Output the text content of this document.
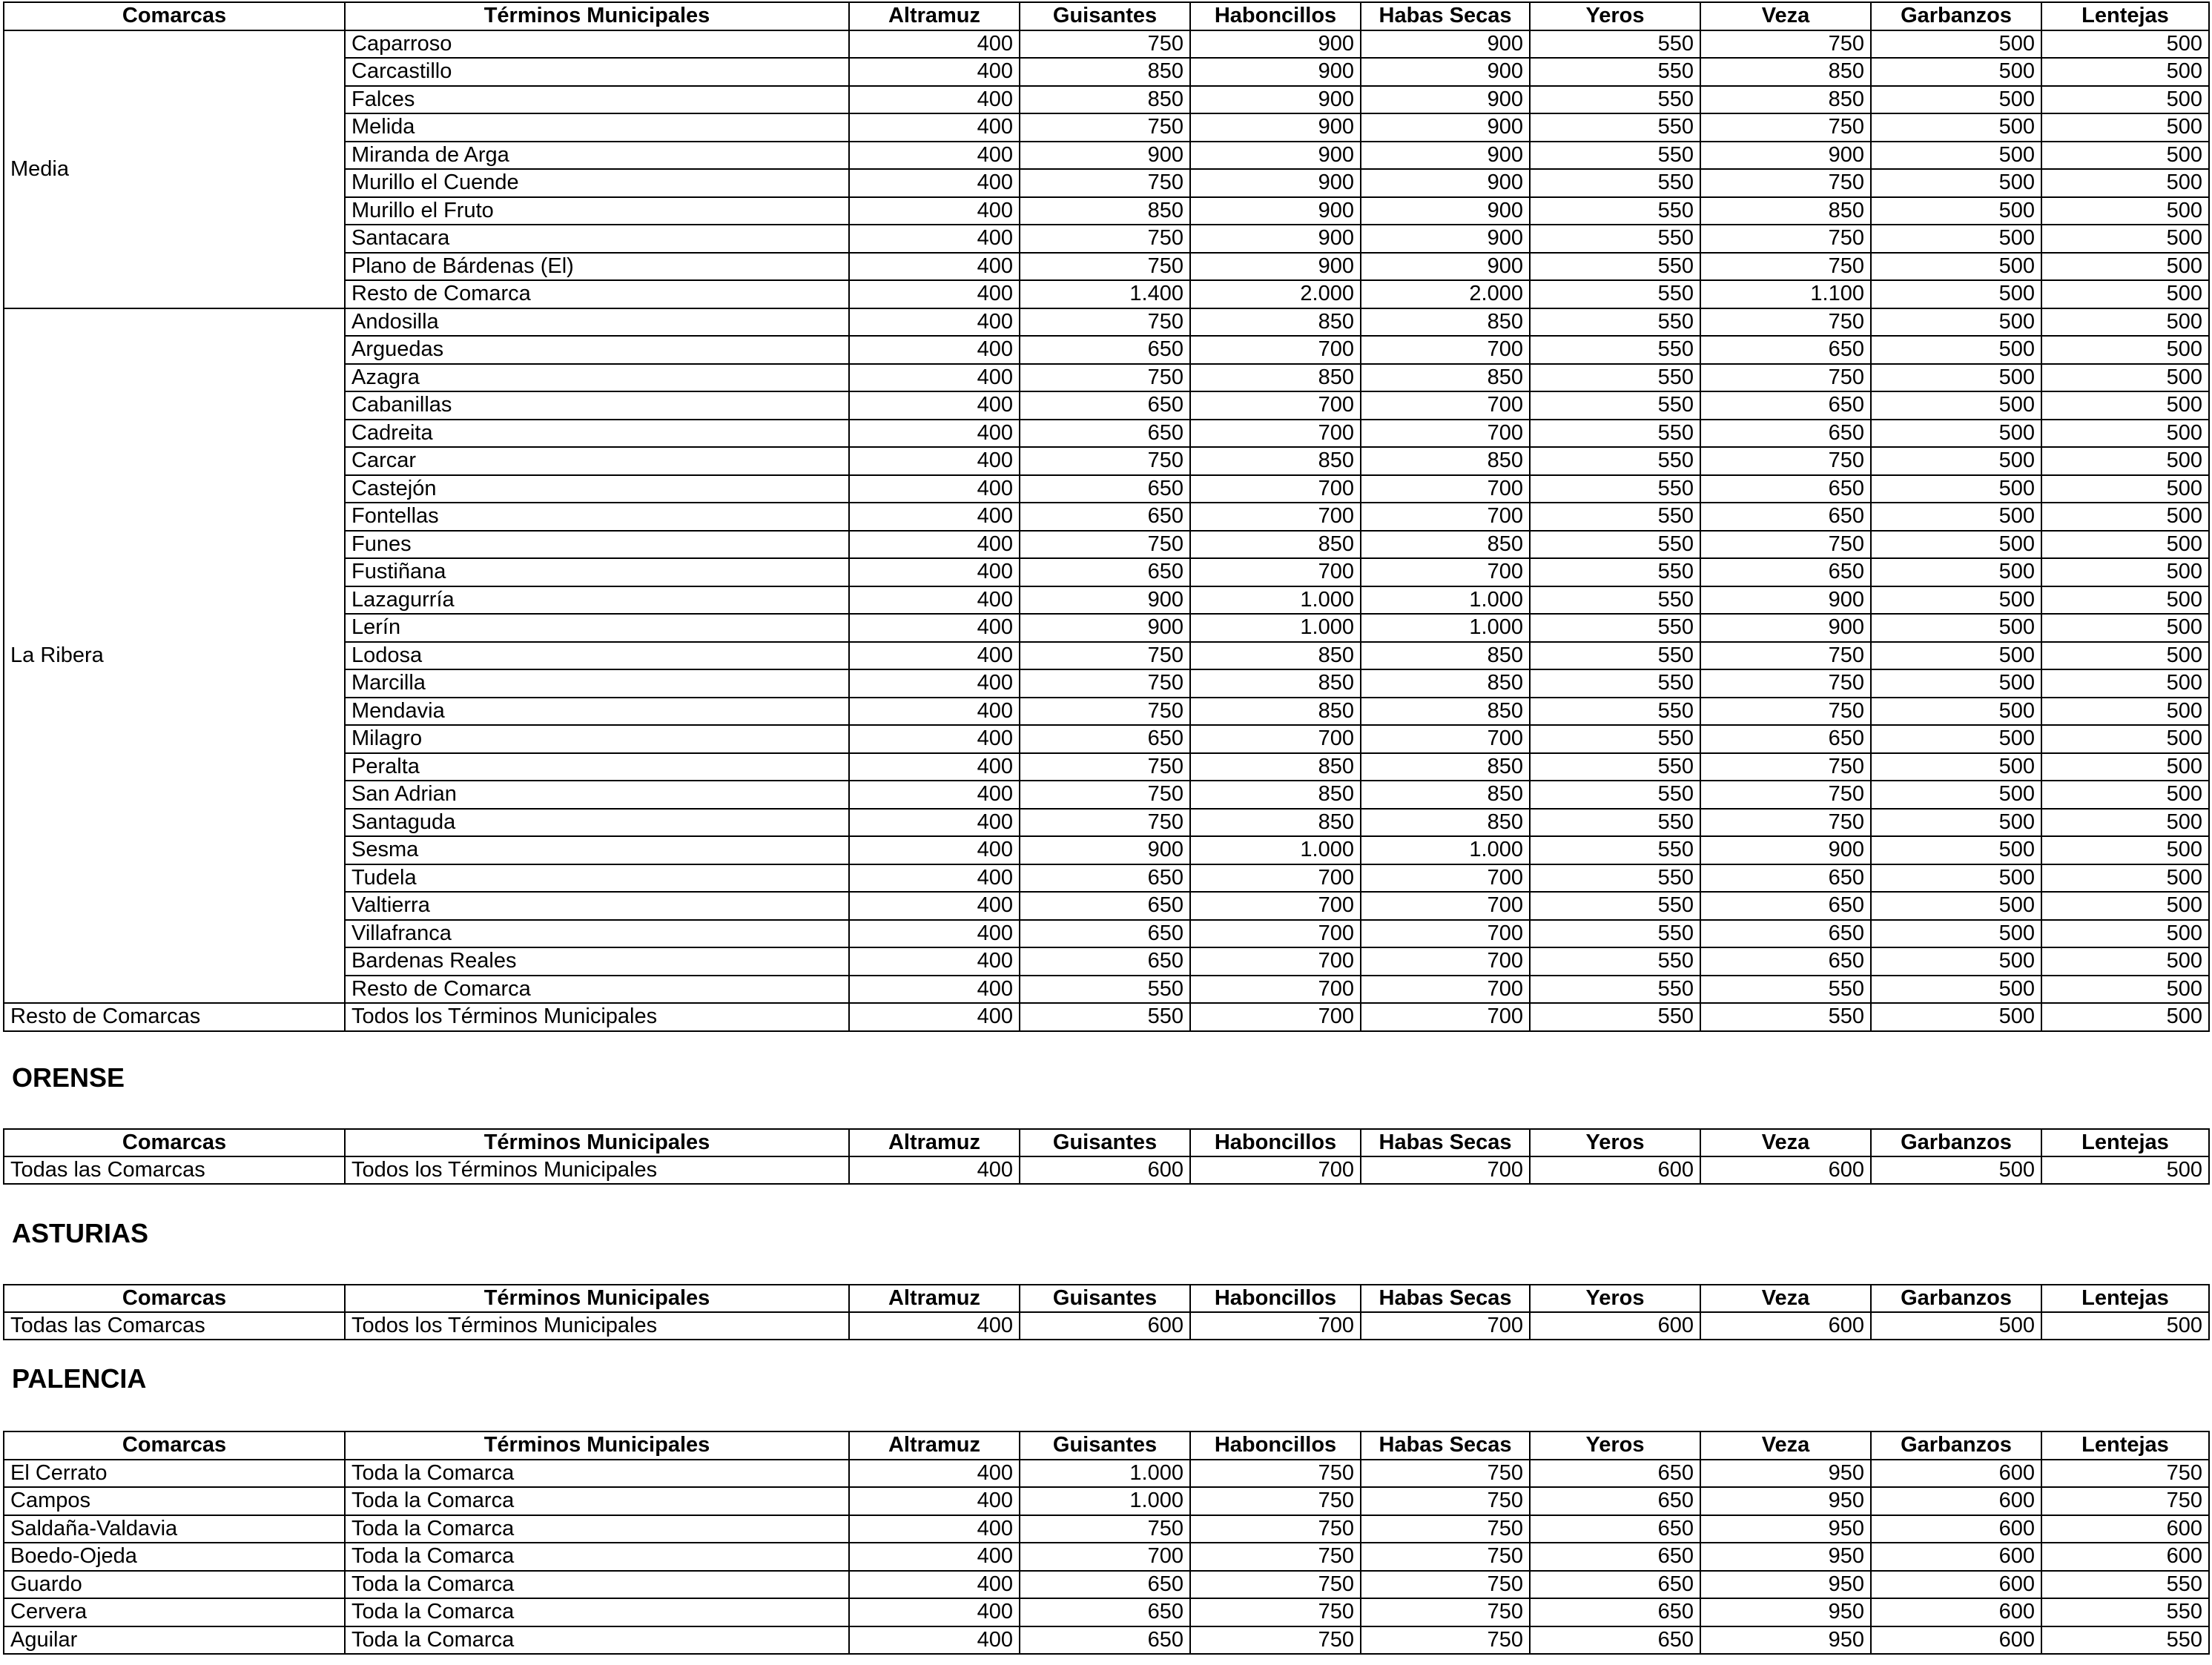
Comarcas	Términos Municipales	Altramuz	Guisantes	Haboncillos	Habas Secas	Yeros	Veza	Garbanzos	Lentejas
Media	Caparroso	400	750	900	900	550	750	500	500
	Carcastillo	400	850	900	900	550	850	500	500
	Falces	400	850	900	900	550	850	500	500
	Melida	400	750	900	900	550	750	500	500
	Miranda de Arga	400	900	900	900	550	900	500	500
	Murillo el Cuende	400	750	900	900	550	750	500	500
	Murillo el Fruto	400	850	900	900	550	850	500	500
	Santacara	400	750	900	900	550	750	500	500
	Plano de Bárdenas (El)	400	750	900	900	550	750	500	500
	Resto de Comarca	400	1.400	2.000	2.000	550	1.100	500	500
La Ribera	Andosilla	400	750	850	850	550	750	500	500
	Arguedas	400	650	700	700	550	650	500	500
	Azagra	400	750	850	850	550	750	500	500
	Cabanillas	400	650	700	700	550	650	500	500
	Cadreita	400	650	700	700	550	650	500	500
	Carcar	400	750	850	850	550	750	500	500
	Castejón	400	650	700	700	550	650	500	500
	Fontellas	400	650	700	700	550	650	500	500
	Funes	400	750	850	850	550	750	500	500
	Fustiñana	400	650	700	700	550	650	500	500
	Lazagurría	400	900	1.000	1.000	550	900	500	500
	Lerín	400	900	1.000	1.000	550	900	500	500
	Lodosa	400	750	850	850	550	750	500	500
	Marcilla	400	750	850	850	550	750	500	500
	Mendavia	400	750	850	850	550	750	500	500
	Milagro	400	650	700	700	550	650	500	500
	Peralta	400	750	850	850	550	750	500	500
	San Adrian	400	750	850	850	550	750	500	500
	Santaguda	400	750	850	850	550	750	500	500
	Sesma	400	900	1.000	1.000	550	900	500	500
	Tudela	400	650	700	700	550	650	500	500
	Valtierra	400	650	700	700	550	650	500	500
	Villafranca	400	650	700	700	550	650	500	500
	Bardenas Reales	400	650	700	700	550	650	500	500
	Resto de Comarca	400	550	700	700	550	550	500	500
Resto de Comarcas	Todos los Términos Municipales	400	550	700	700	550	550	500	500
ORENSE
Comarcas	Términos Municipales	Altramuz	Guisantes	Haboncillos	Habas Secas	Yeros	Veza	Garbanzos	Lentejas
Todas las Comarcas	Todos los Términos Municipales	400	600	700	700	600	600	500	500
ASTURIAS
Comarcas	Términos Municipales	Altramuz	Guisantes	Haboncillos	Habas Secas	Yeros	Veza	Garbanzos	Lentejas
Todas las Comarcas	Todos los Términos Municipales	400	600	700	700	600	600	500	500
PALENCIA
Comarcas	Términos Municipales	Altramuz	Guisantes	Haboncillos	Habas Secas	Yeros	Veza	Garbanzos	Lentejas
El Cerrato	Toda la Comarca	400	1.000	750	750	650	950	600	750
Campos	Toda la Comarca	400	1.000	750	750	650	950	600	750
Saldaña-Valdavia	Toda la Comarca	400	750	750	750	650	950	600	600
Boedo-Ojeda	Toda la Comarca	400	700	750	750	650	950	600	600
Guardo	Toda la Comarca	400	650	750	750	650	950	600	550
Cervera	Toda la Comarca	400	650	750	750	650	950	600	550
Aguilar	Toda la Comarca	400	650	750	750	650	950	600	550
